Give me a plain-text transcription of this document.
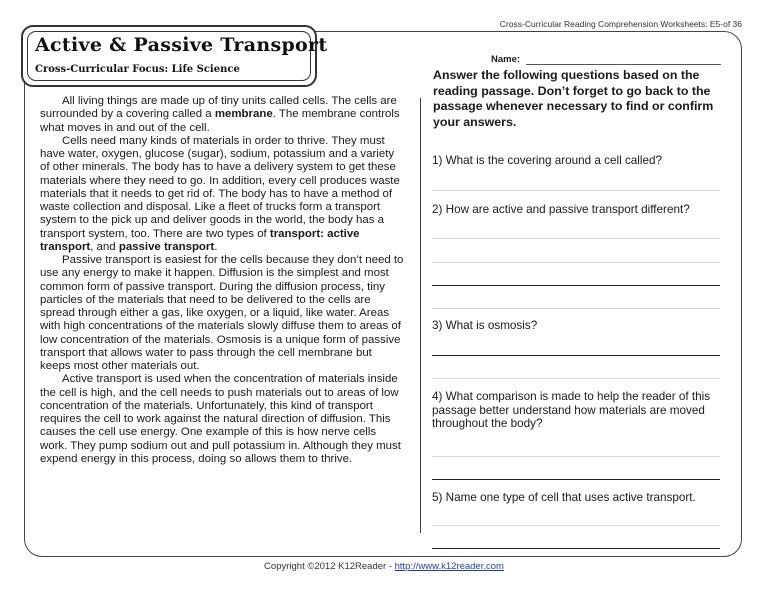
Cross-Curricular Reading Comprehension Worksheets: E5-of 36
Active & Passive Transport
Cross-Curricular Focus: Life Science

All living things are made up of tiny units called cells. The cells are surrounded by a covering called a membrane. The membrane controls what moves in and out of the cell.

Cells need many kinds of materials in order to thrive. They must have water, oxygen, glucose (sugar), sodium, potassium and a variety of other minerals. The body has to have a delivery system to get these materials where they need to go. In addition, every cell produces waste materials that it needs to get rid of. The body has to have a method of waste collection and disposal. Like a fleet of trucks form a transport system to the pick up and deliver goods in the world, the body has a transport system, too. There are two types of transport: active transport, and passive transport.

Passive transport is easiest for the cells because they don’t need to use any energy to make it happen. Diffusion is the simplest and most common form of passive transport. During the diffusion process, tiny particles of the materials that need to be delivered to the cells are spread through either a gas, like oxygen, or a liquid, like water. Areas with high concentrations of the materials slowly diffuse them to areas of low concentration of the materials. Osmosis is a unique form of passive transport that allows water to pass through the cell membrane but keeps most other materials out.

Active transport is used when the concentration of materials inside the cell is high, and the cell needs to push materials out to areas of low concentration of the materials. Unfortunately, this kind of transport requires the cell to work against the natural direction of diffusion. This causes the cell use energy. One example of this is how nerve cells work. They pump sodium out and pull potassium in. Although they must expend energy in this process, doing so allows them to thrive.

Name:
Answer the following questions based on the reading passage. Don’t forget to go back to the passage whenever necessary to find or confirm your answers.
1) What is the covering around a cell called?
2) How are active and passive transport different?
3) What is osmosis?
4) What comparison is made to help the reader of this passage better understand how materials are moved throughout the body?
5) Name one type of cell that uses active transport.
Copyright ©2012 K12Reader - http://www.k12reader.com
